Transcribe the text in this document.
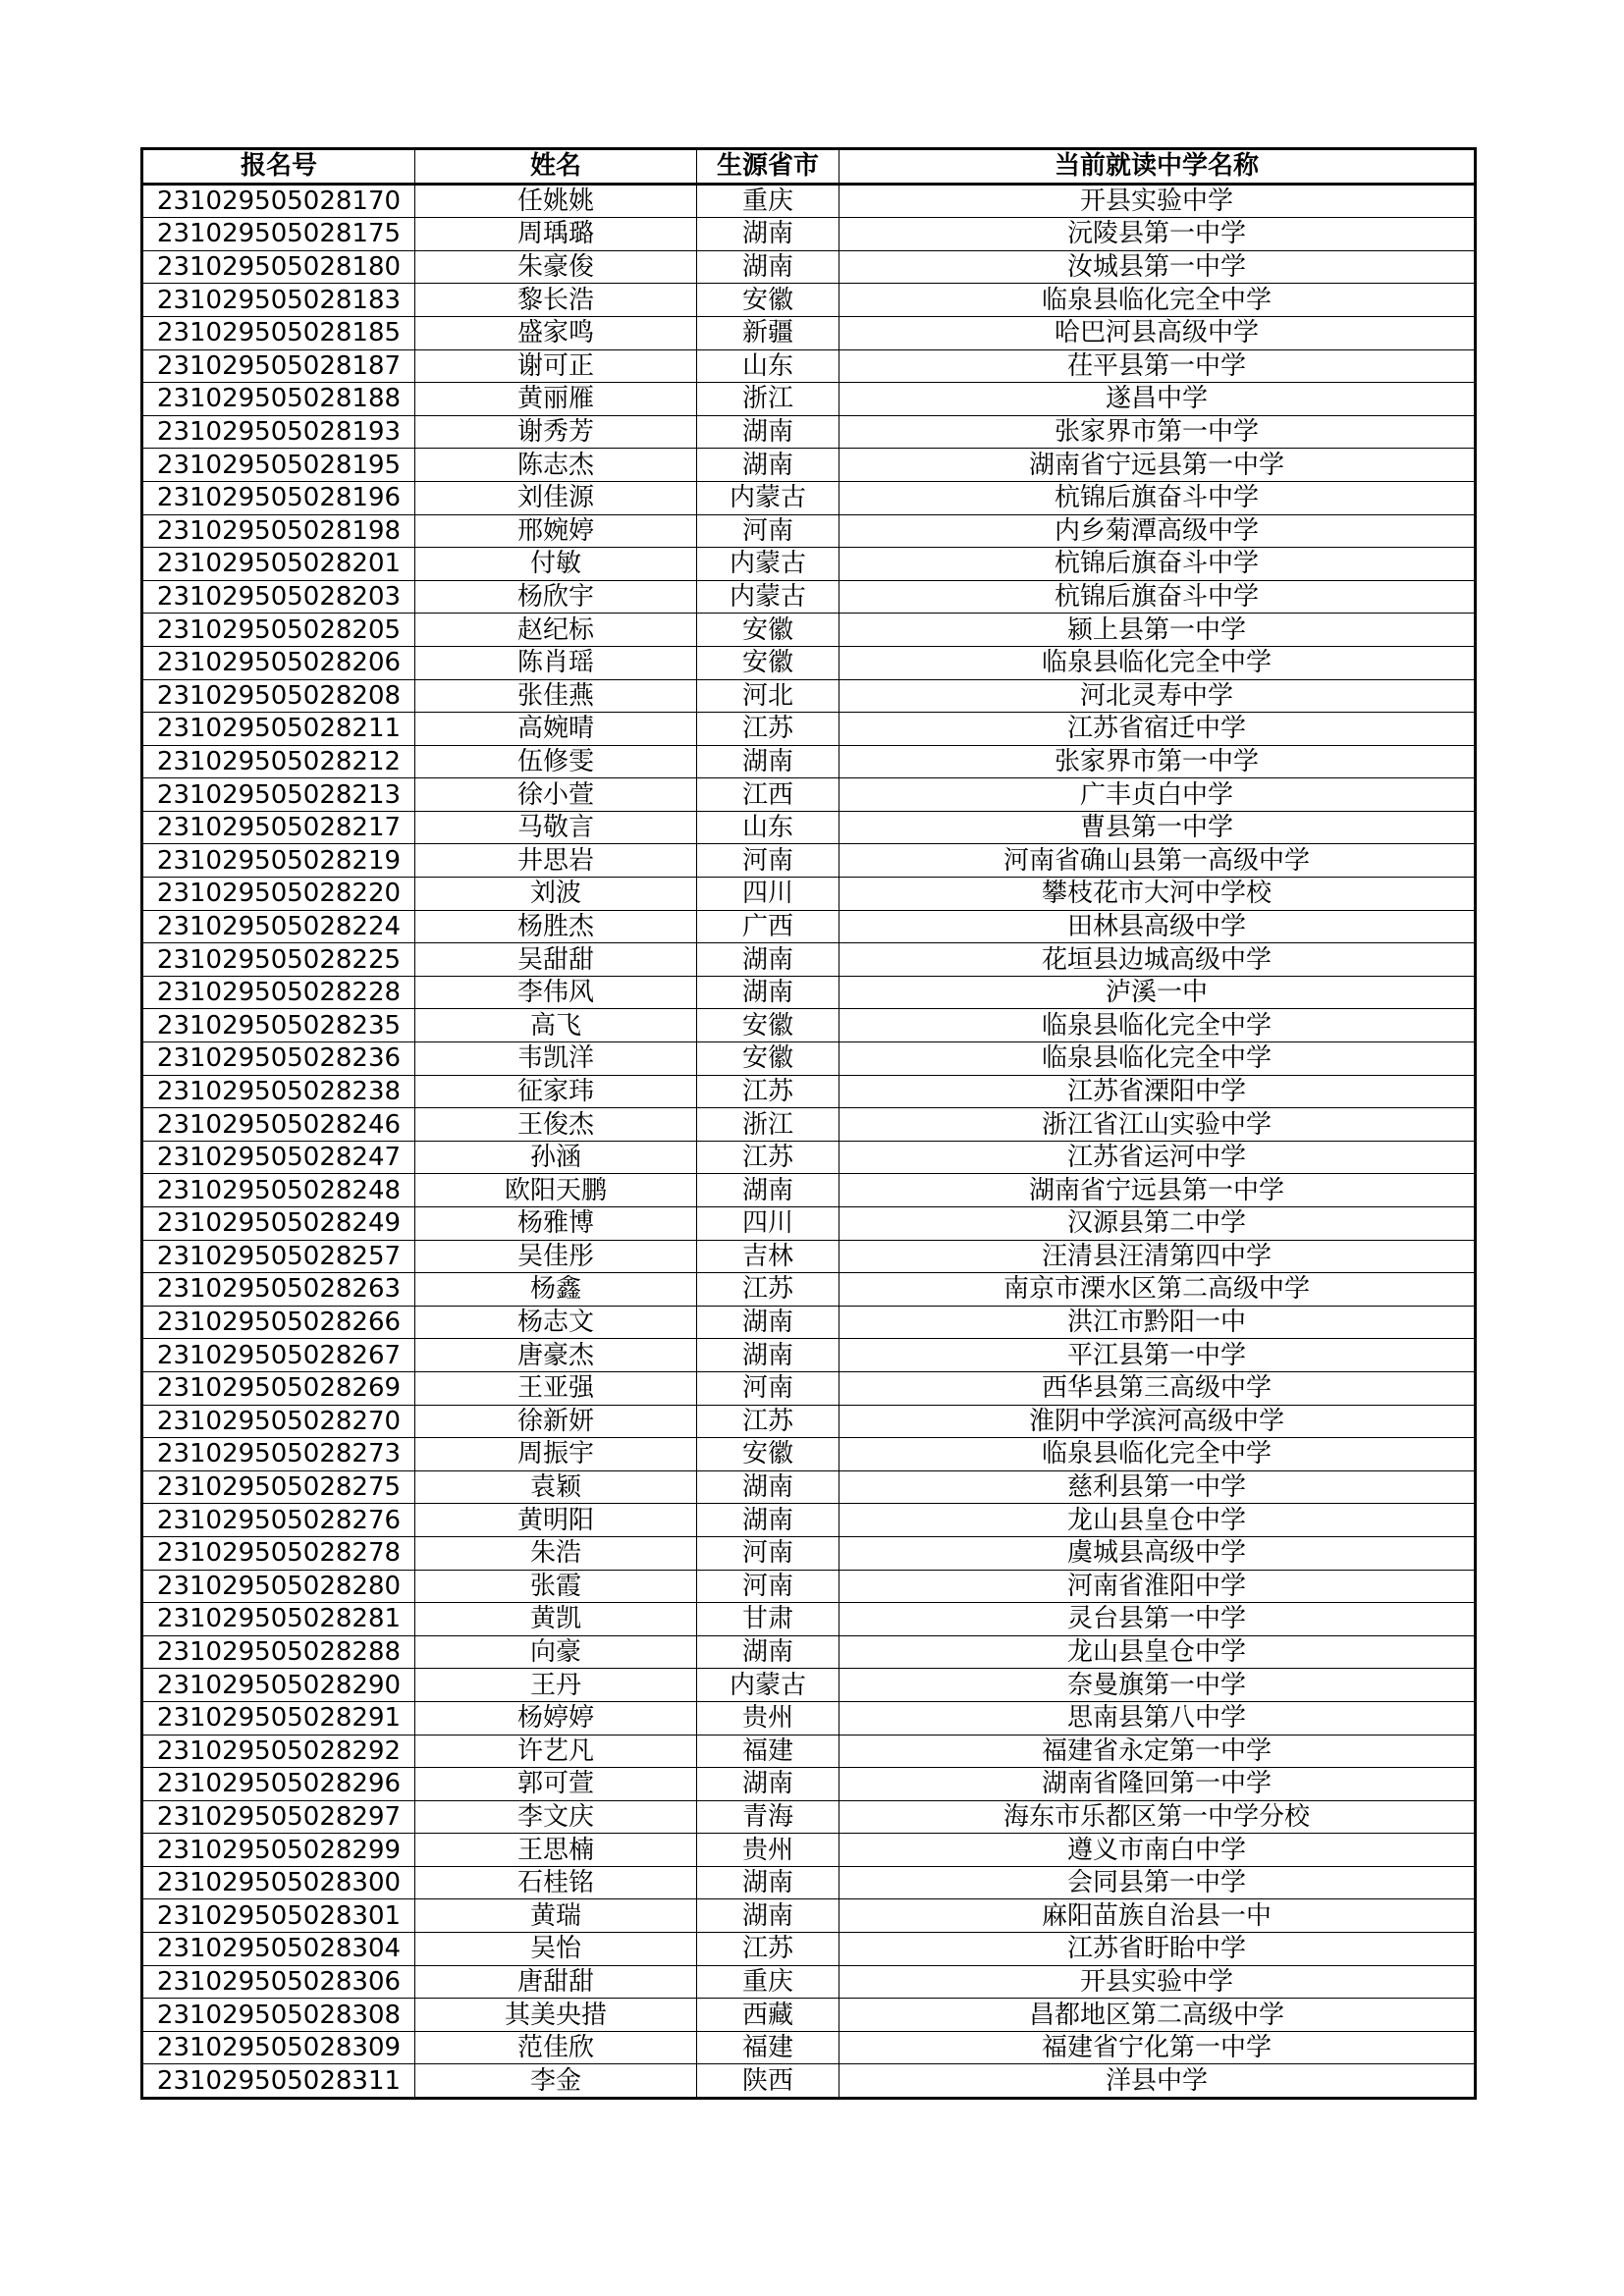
报名号	姓名	生源省市	当前就读中学名称
231029505028170	任姚姚	重庆	开县实验中学
231029505028175	周瑀璐	湖南	沅陵县第一中学
231029505028180	朱豪俊	湖南	汝城县第一中学
231029505028183	黎长浩	安徽	临泉县临化完全中学
231029505028185	盛家鸣	新疆	哈巴河县高级中学
231029505028187	谢可正	山东	茌平县第一中学
231029505028188	黄丽雁	浙江	遂昌中学
231029505028193	谢秀芳	湖南	张家界市第一中学
231029505028195	陈志杰	湖南	湖南省宁远县第一中学
231029505028196	刘佳源	内蒙古	杭锦后旗奋斗中学
231029505028198	邢婉婷	河南	内乡菊潭高级中学
231029505028201	付敏	内蒙古	杭锦后旗奋斗中学
231029505028203	杨欣宇	内蒙古	杭锦后旗奋斗中学
231029505028205	赵纪标	安徽	颍上县第一中学
231029505028206	陈肖瑶	安徽	临泉县临化完全中学
231029505028208	张佳燕	河北	河北灵寿中学
231029505028211	高婉晴	江苏	江苏省宿迁中学
231029505028212	伍修雯	湖南	张家界市第一中学
231029505028213	徐小萱	江西	广丰贞白中学
231029505028217	马敬言	山东	曹县第一中学
231029505028219	井思岩	河南	河南省确山县第一高级中学
231029505028220	刘波	四川	攀枝花市大河中学校
231029505028224	杨胜杰	广西	田林县高级中学
231029505028225	吴甜甜	湖南	花垣县边城高级中学
231029505028228	李伟风	湖南	泸溪一中
231029505028235	高飞	安徽	临泉县临化完全中学
231029505028236	韦凯洋	安徽	临泉县临化完全中学
231029505028238	征家玮	江苏	江苏省溧阳中学
231029505028246	王俊杰	浙江	浙江省江山实验中学
231029505028247	孙涵	江苏	江苏省运河中学
231029505028248	欧阳天鹏	湖南	湖南省宁远县第一中学
231029505028249	杨雅博	四川	汉源县第二中学
231029505028257	吴佳彤	吉林	汪清县汪清第四中学
231029505028263	杨鑫	江苏	南京市溧水区第二高级中学
231029505028266	杨志文	湖南	洪江市黔阳一中
231029505028267	唐豪杰	湖南	平江县第一中学
231029505028269	王亚强	河南	西华县第三高级中学
231029505028270	徐新妍	江苏	淮阴中学滨河高级中学
231029505028273	周振宇	安徽	临泉县临化完全中学
231029505028275	袁颖	湖南	慈利县第一中学
231029505028276	黄明阳	湖南	龙山县皇仓中学
231029505028278	朱浩	河南	虞城县高级中学
231029505028280	张霞	河南	河南省淮阳中学
231029505028281	黄凯	甘肃	灵台县第一中学
231029505028288	向豪	湖南	龙山县皇仓中学
231029505028290	王丹	内蒙古	奈曼旗第一中学
231029505028291	杨婷婷	贵州	思南县第八中学
231029505028292	许艺凡	福建	福建省永定第一中学
231029505028296	郭可萱	湖南	湖南省隆回第一中学
231029505028297	李文庆	青海	海东市乐都区第一中学分校
231029505028299	王思楠	贵州	遵义市南白中学
231029505028300	石桂铭	湖南	会同县第一中学
231029505028301	黄瑞	湖南	麻阳苗族自治县一中
231029505028304	吴怡	江苏	江苏省盱眙中学
231029505028306	唐甜甜	重庆	开县实验中学
231029505028308	其美央措	西藏	昌都地区第二高级中学
231029505028309	范佳欣	福建	福建省宁化第一中学
231029505028311	李金	陕西	洋县中学
